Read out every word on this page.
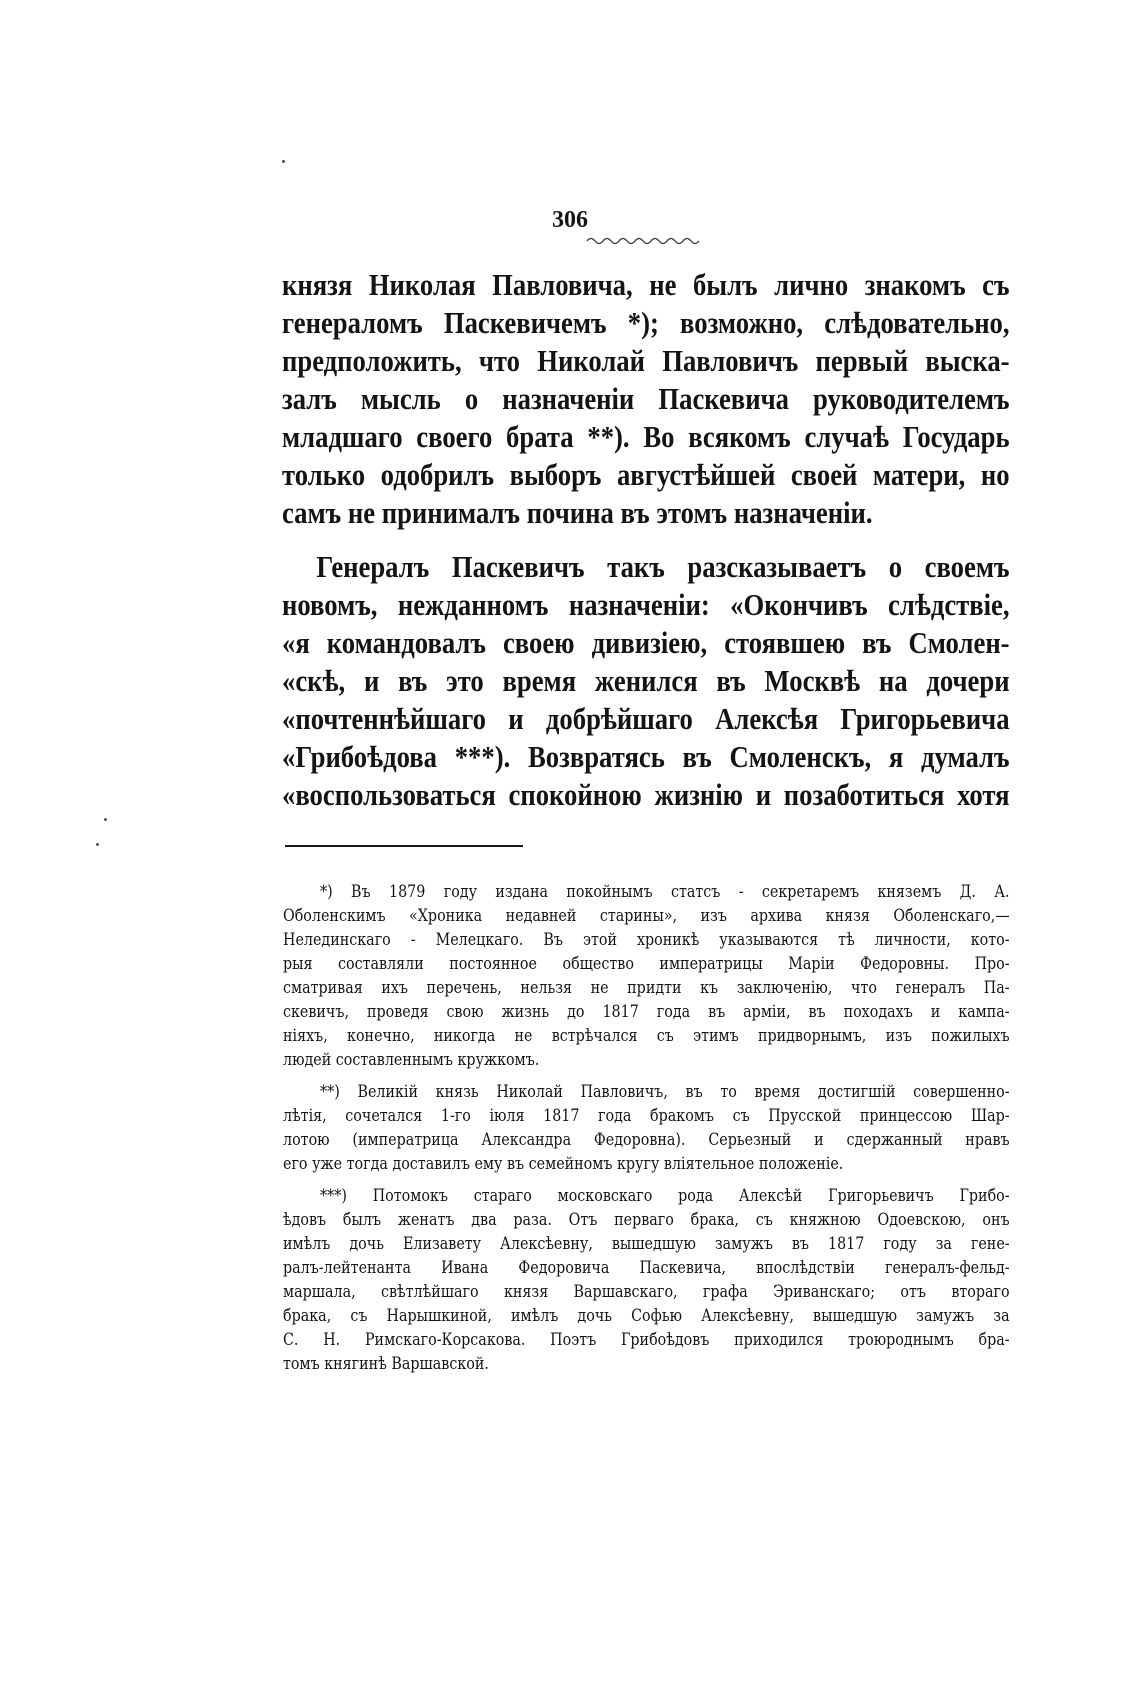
306
князя Николая Павловича, не былъ лично знакомъ съ
генераломъ Паскевичемъ *); возможно, слѣдовательно,
предположить, что Николай Павловичъ первый выска-
залъ мысль о назначенiи Паскевича руководителемъ
младшаго своего брата **). Во всякомъ случаѣ Государь
только одобрилъ выборъ августѣйшей своей матери, но
самъ не принималъ почина въ этомъ назначенiи.
Генералъ Паскевичъ такъ разсказываетъ о своемъ
новомъ, нежданномъ назначенiи: «Окончивъ слѣдствiе,
«я командовалъ своею дивизiею, стоявшею въ Смолен-
«скѣ, и въ это время женился въ Москвѣ на дочери
«почтеннѣйшаго и добрѣйшаго Алексѣя Григорьевича
«Грибоѣдова ***). Возвратясь въ Смоленскъ, я думалъ
«воспользоваться спокойною жизнiю и позаботиться хотя
*) Въ 1879 году издана покойнымъ статсъ - секретаремъ княземъ Д. А.
Оболенскимъ «Хроника недавней старины», изъ архива князя Оболенскаго,—
Нелединскаго - Мелецкаго. Въ этой хроникѣ указываются тѣ личности, кото-
рыя составляли постоянное общество императрицы Марiи Федоровны. Про-
сматривая ихъ перечень, нельзя не придти къ заключенiю, что генералъ Па-
скевичъ, проведя свою жизнь до 1817 года въ армiи, въ походахъ и кампа-
нiяхъ, конечно, никогда не встрѣчался съ этимъ придворнымъ, изъ пожилыхъ
людей составленнымъ кружкомъ.
**) Великiй князь Николай Павловичъ, въ то время достигшiй совершенно-
лѣтiя, сочетался 1-го iюля 1817 года бракомъ съ Прусской принцессою Шар-
лотою (императрица Александра Федоровна). Серьезный и сдержанный нравъ
его уже тогда доставилъ ему въ семейномъ кругу влiятельное положенiе.
***) Потомокъ стараго московскаго рода Алексѣй Григорьевичъ Грибо-
ѣдовъ былъ женатъ два раза. Отъ перваго брака, съ княжною Одоевскою, онъ
имѣлъ дочь Елизавету Алексѣевну, вышедшую замужъ въ 1817 году за гене-
ралъ-лейтенанта Ивана Федоровича Паскевича, впослѣдствiи генералъ-фельд-
маршала, свѣтлѣйшаго князя Варшавскаго, графа Эриванскаго; отъ втораго
брака, съ Нарышкиной, имѣлъ дочь Софью Алексѣевну, вышедшую замужъ за
С. Н. Римскаго-Корсакова. Поэтъ Грибоѣдовъ приходился троюроднымъ бра-
томъ княгинѣ Варшавской.
